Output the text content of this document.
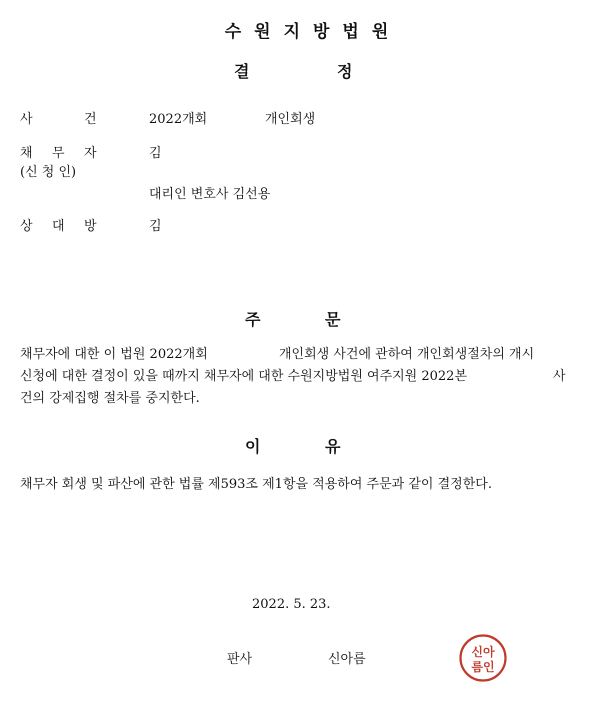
수원지방법원
결	정
사	건	2022개회	개인회생
채 무 자	김
(신 청 인)
대리인 변호사 김선용
상 대 방	김
주	문
채무자에 대한 이 법원 2022개회	개인회생 사건에 관하여 개인회생절차의 개시
신청에 대한 결정이 있을 때까지 채무자에 대한 수원지방법원 여주지원 2022본	사
건의 강제집행 절차를 중지한다.
이	유
채무자 회생 및 파산에 관한 법률 제593조 제1항을 적용하여 주문과 같이 결정한다.
2022. 5. 23.
판사	신아름	신아
름인
